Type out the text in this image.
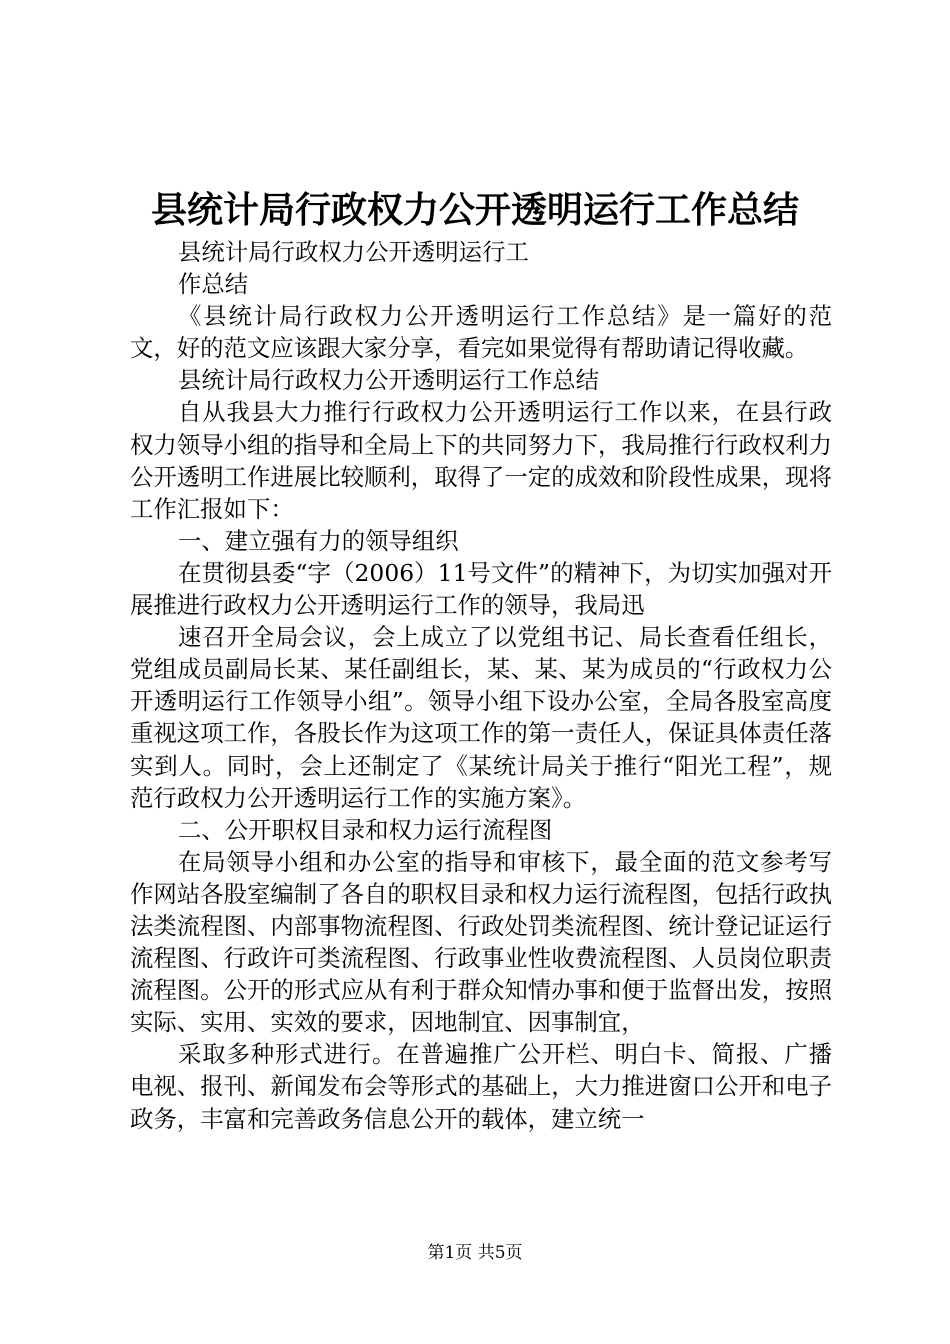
县统计局行政权力公开透明运行工作总结

县统计局行政权力公开透明运行工

作总结

《县统计局行政权力公开透明运行工作总结》是一篇好的范文，好的范文应该跟大家分享，看完如果觉得有帮助请记得收藏。

县统计局行政权力公开透明运行工作总结

自从我县大力推行行政权力公开透明运行工作以来，在县行政权力领导小组的指导和全局上下的共同努力下，我局推行行政权利力公开透明工作进展比较顺利，取得了一定的成效和阶段性成果，现将工作汇报如下：

一、建立强有力的领导组织

在贯彻县委“字（2006）11号文件”的精神下，为切实加强对开展推进行政权力公开透明运行工作的领导，我局迅

速召开全局会议，会上成立了以党组书记、局长查看任组长，党组成员副局长某、某任副组长，某、某、某为成员的“行政权力公开透明运行工作领导小组”。领导小组下设办公室，全局各股室高度重视这项工作，各股长作为这项工作的第一责任人，保证具体责任落实到人。同时，会上还制定了《某统计局关于推行“阳光工程”，规范行政权力公开透明运行工作的实施方案》。

二、公开职权目录和权力运行流程图

在局领导小组和办公室的指导和审核下，最全面的范文参考写作网站各股室编制了各自的职权目录和权力运行流程图，包括行政执法类流程图、内部事物流程图、行政处罚类流程图、统计登记证运行流程图、行政许可类流程图、行政事业性收费流程图、人员岗位职责流程图。公开的形式应从有利于群众知情办事和便于监督出发，按照实际、实用、实效的要求，因地制宜、因事制宜，

采取多种形式进行。在普遍推广公开栏、明白卡、简报、广播电视、报刊、新闻发布会等形式的基础上，大力推进窗口公开和电子政务，丰富和完善政务信息公开的载体，建立统一

第1页 共5页
